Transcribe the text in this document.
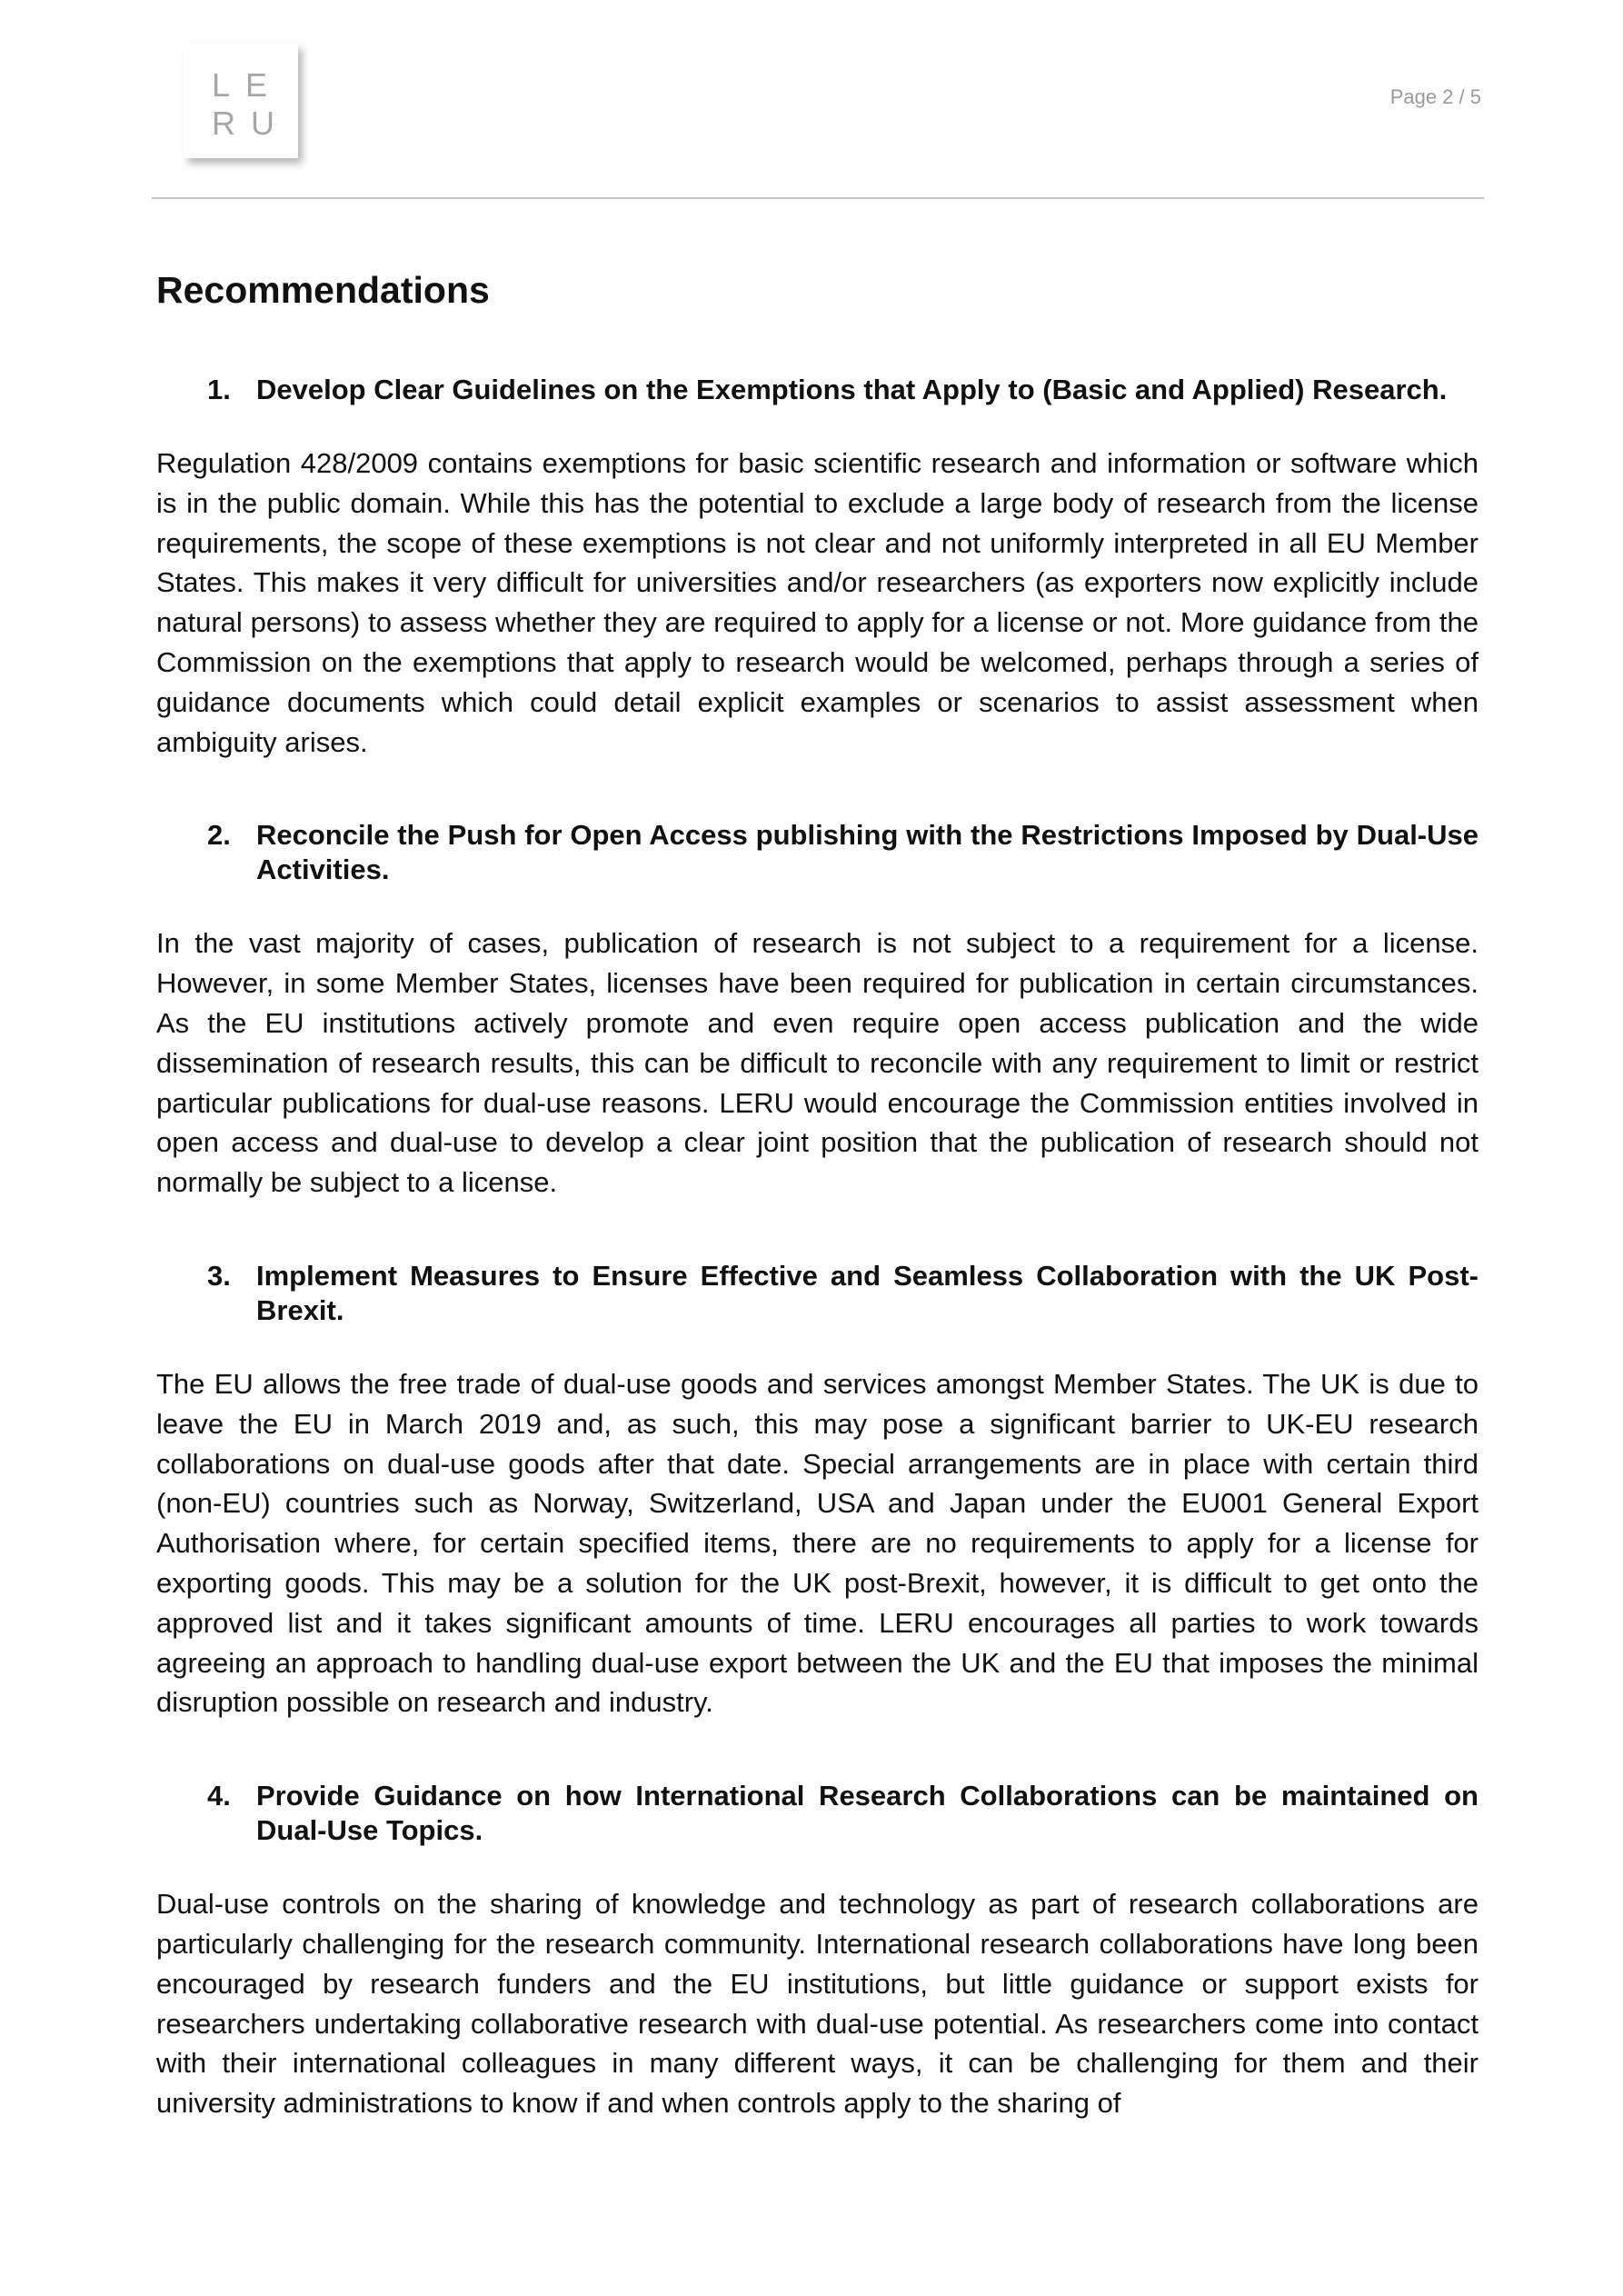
LE
RU
Page 2 / 5
Recommendations
1. Develop Clear Guidelines on the Exemptions that Apply to (Basic and Applied) Research.

Regulation 428/2009 contains exemptions for basic scientific research and information or software which is in the public domain. While this has the potential to exclude a large body of research from the license requirements, the scope of these exemptions is not clear and not uniformly interpreted in all EU Member States. This makes it very difficult for universities and/or researchers (as exporters now explicitly include natural persons) to assess whether they are required to apply for a license or not. More guidance from the Commission on the exemptions that apply to research would be welcomed, perhaps through a series of guidance documents which could detail explicit examples or scenarios to assist assessment when ambiguity arises.

2. Reconcile the Push for Open Access publishing with the Restrictions Imposed by Dual-Use Activities.

In the vast majority of cases, publication of research is not subject to a requirement for a license. However, in some Member States, licenses have been required for publication in certain circumstances. As the EU institutions actively promote and even require open access publication and the wide dissemination of research results, this can be difficult to reconcile with any requirement to limit or restrict particular publications for dual-use reasons. LERU would encourage the Commission entities involved in open access and dual-use to develop a clear joint position that the publication of research should not normally be subject to a license.

3. Implement Measures to Ensure Effective and Seamless Collaboration with the UK Post-Brexit.

The EU allows the free trade of dual-use goods and services amongst Member States. The UK is due to leave the EU in March 2019 and, as such, this may pose a significant barrier to UK-EU research collaborations on dual-use goods after that date. Special arrangements are in place with certain third (non-EU) countries such as Norway, Switzerland, USA and Japan under the EU001 General Export Authorisation where, for certain specified items, there are no requirements to apply for a license for exporting goods. This may be a solution for the UK post-Brexit, however, it is difficult to get onto the approved list and it takes significant amounts of time. LERU encourages all parties to work towards agreeing an approach to handling dual-use export between the UK and the EU that imposes the minimal disruption possible on research and industry.

4. Provide Guidance on how International Research Collaborations can be maintained on Dual-Use Topics.

Dual-use controls on the sharing of knowledge and technology as part of research collaborations are particularly challenging for the research community. International research collaborations have long been encouraged by research funders and the EU institutions, but little guidance or support exists for researchers undertaking collaborative research with dual-use potential. As researchers come into contact with their international colleagues in many different ways, it can be challenging for them and their university administrations to know if and when controls apply to the sharing of
